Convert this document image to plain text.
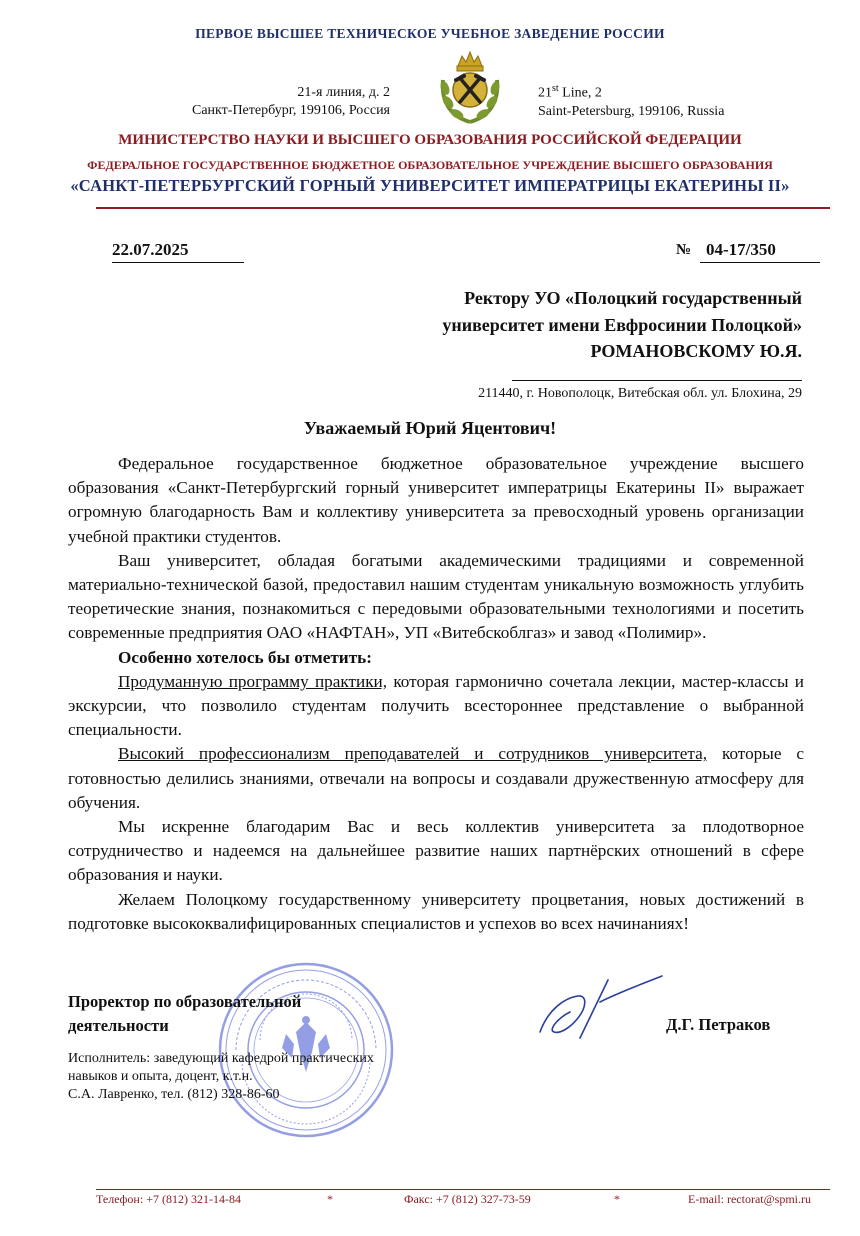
ПЕРВОЕ ВЫСШЕЕ ТЕХНИЧЕСКОЕ УЧЕБНОЕ ЗАВЕДЕНИЕ РОССИИ
21-я линия, д. 2
Санкт-Петербург, 199106, Россия
21st Line, 2
Saint-Petersburg, 199106, Russia
МИНИСТЕРСТВО НАУКИ И ВЫСШЕГО ОБРАЗОВАНИЯ РОССИЙСКОЙ ФЕДЕРАЦИИ
ФЕДЕРАЛЬНОЕ ГОСУДАРСТВЕННОЕ БЮДЖЕТНОЕ ОБРАЗОВАТЕЛЬНОЕ УЧРЕЖДЕНИЕ ВЫСШЕГО ОБРАЗОВАНИЯ
«САНКТ-ПЕТЕРБУРГСКИЙ ГОРНЫЙ УНИВЕРСИТЕТ ИМПЕРАТРИЦЫ ЕКАТЕРИНЫ II»
22.07.2025	№ 04-17/350
Ректору УО «Полоцкий государственный
университет имени Евфросинии Полоцкой»
РОМАНОВСКОМУ Ю.Я.
211440, г. Новополоцк, Витебская обл. ул. Блохина, 29
Уважаемый Юрий Яцентович!

Федеральное государственное бюджетное образовательное учреждение высшего образования «Санкт-Петербургский горный университет императрицы Екатерины II» выражает огромную благодарность Вам и коллективу университета за превосходный уровень организации учебной практики студентов.

Ваш университет, обладая богатыми академическими традициями и современной материально-технической базой, предоставил нашим студентам уникальную возможность углубить теоретические знания, познакомиться с передовыми образовательными технологиями и посетить современные предприятия ОАО «НАФТАН», УП «Витебскоблгаз» и завод «Полимир».

Особенно хотелось бы отметить:

Продуманную программу практики, которая гармонично сочетала лекции, мастер-классы и экскурсии, что позволило студентам получить всестороннее представление о выбранной специальности.

Высокий профессионализм преподавателей и сотрудников университета, которые с готовностью делились знаниями, отвечали на вопросы и создавали дружественную атмосферу для обучения.

Мы искренне благодарим Вас и весь коллектив университета за плодотворное сотрудничество и надеемся на дальнейшее развитие наших партнёрских отношений в сфере образования и науки.

Желаем Полоцкому государственному университету процветания, новых достижений в подготовке высококвалифицированных специалистов и успехов во всех начинаниях!

Проректор по образовательной
деятельности	Д.Г. Петраков
Исполнитель: заведующий кафедрой практических
навыков и опыта, доцент, к.т.н.
С.А. Лавренко, тел. (812) 328-86-60
Телефон: +7 (812) 321-14-84	*	Факс: +7 (812) 327-73-59	*	E-mail: rectorat@spmi.ru
